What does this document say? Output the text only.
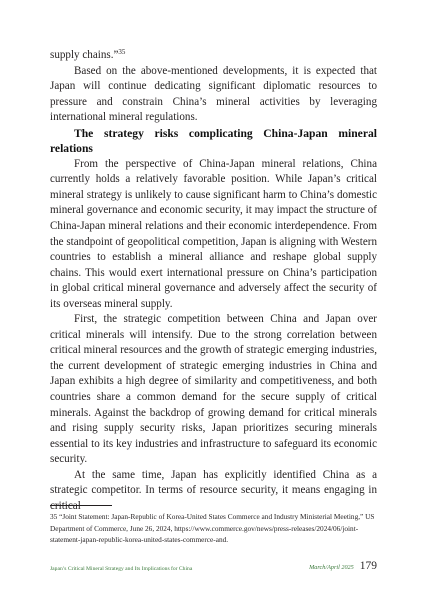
supply chains.”$^{35}$

Based on the above-mentioned developments, it is expected that Japan will continue dedicating significant diplomatic resources to pressure and constrain China’s mineral activities by leveraging international mineral regulations.

The strategy risks complicating China-Japan mineral relations

From the perspective of China-Japan mineral relations, China currently holds a relatively favorable position. While Japan’s critical mineral strategy is unlikely to cause significant harm to China’s domestic mineral governance and economic security, it may impact the structure of China-Japan mineral relations and their economic interdependence. From the standpoint of geopolitical competition, Japan is aligning with Western countries to establish a mineral alliance and reshape global supply chains. This would exert international pressure on China’s participation in global critical mineral governance and adversely affect the security of its overseas mineral supply.

First, the strategic competition between China and Japan over critical minerals will intensify. Due to the strong correlation between critical mineral resources and the growth of strategic emerging industries, the current development of strategic emerging industries in China and Japan exhibits a high degree of similarity and competitiveness, and both countries share a common demand for the secure supply of critical minerals. Against the backdrop of growing demand for critical minerals and rising supply security risks, Japan prioritizes securing minerals essential to its key industries and infrastructure to safeguard its economic security.

At the same time, Japan has explicitly identified China as a strategic competitor. In terms of resource security, it means engaging in critical

35 “Joint Statement: Japan-Republic of Korea-United States Commerce and Industry Ministerial Meeting,” US Department of Commerce, June 26, 2024, https://www.commerce.gov/news/press-releases/2024/06/joint-statement-japan-republic-korea-united-states-commerce-and.
Japan’s Critical Mineral Strategy and Its Implications for China	March/April 2025 179
